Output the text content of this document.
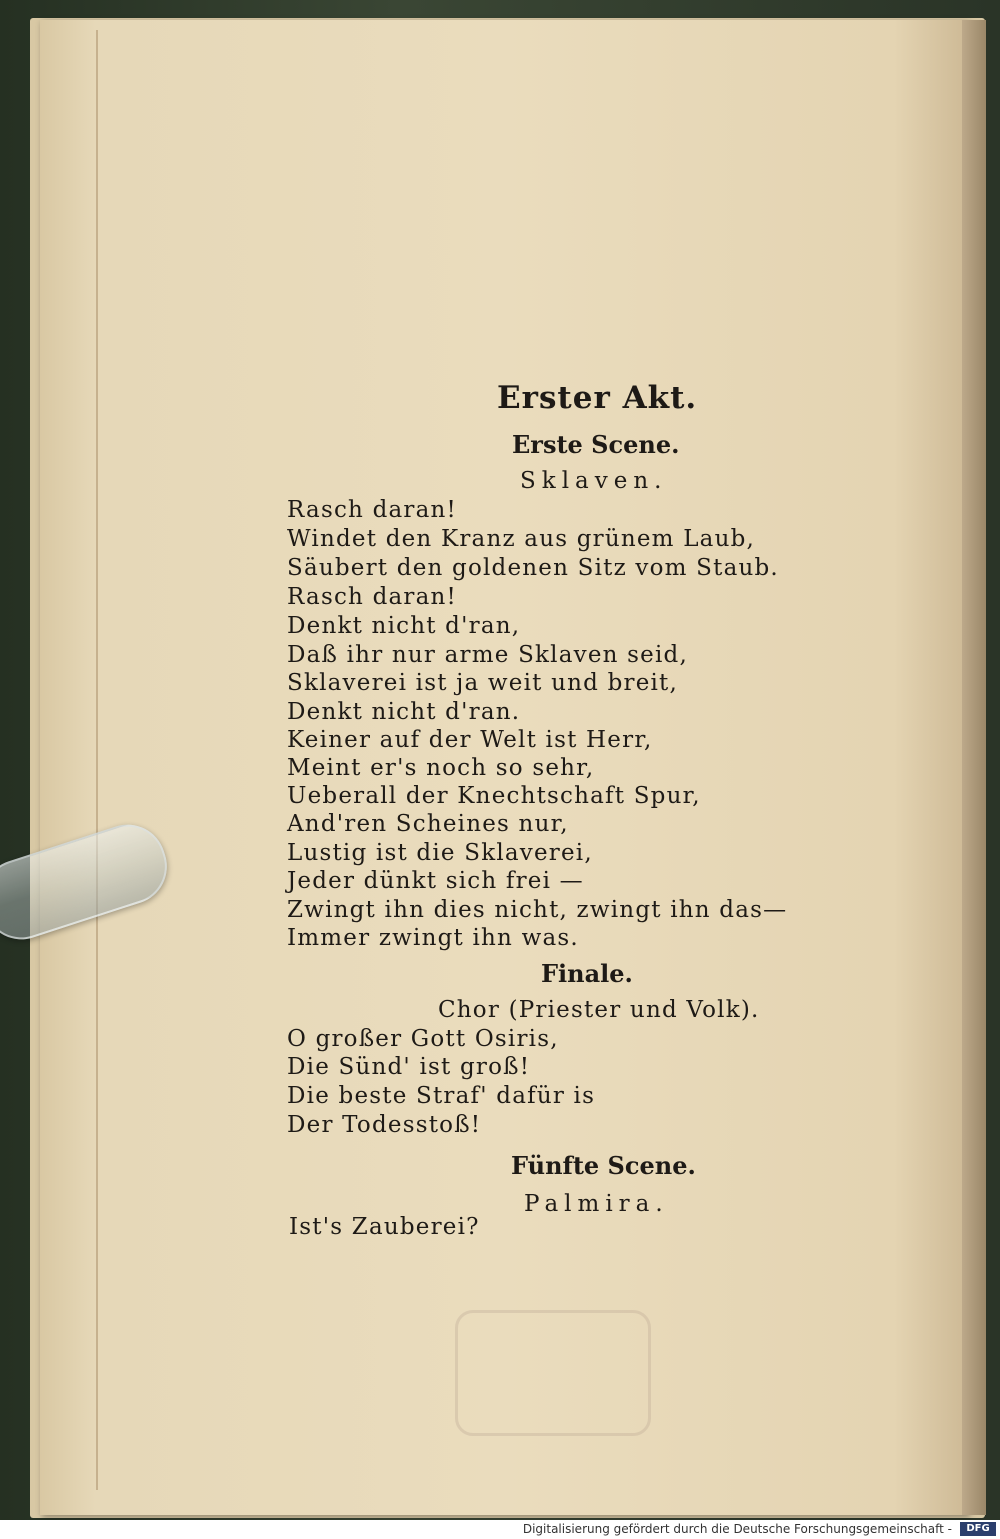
Erster Akt.
Erste Scene.
Sklaven.
Rasch daran!
Windet den Kranz aus grünem Laub,
Säubert den goldenen Sitz vom Staub.
Rasch daran!
Denkt nicht d'ran,
Daß ihr nur arme Sklaven seid,
Sklaverei ist ja weit und breit,
Denkt nicht d'ran.
Keiner auf der Welt ist Herr,
Meint er's noch so sehr,
Ueberall der Knechtschaft Spur,
And'ren Scheines nur,
Lustig ist die Sklaverei,
Jeder dünkt sich frei —
Zwingt ihn dies nicht, zwingt ihn das—
Immer zwingt ihn was.
Finale.
Chor (Priester und Volk).
O großer Gott Osiris,
Die Sünd' ist groß!
Die beste Straf' dafür is
Der Todesstoß!
Fünfte Scene.
Palmira.
Ist's Zauberei?
Digitalisierung gefördert durch die Deutsche Forschungsgemeinschaft -	DFG
